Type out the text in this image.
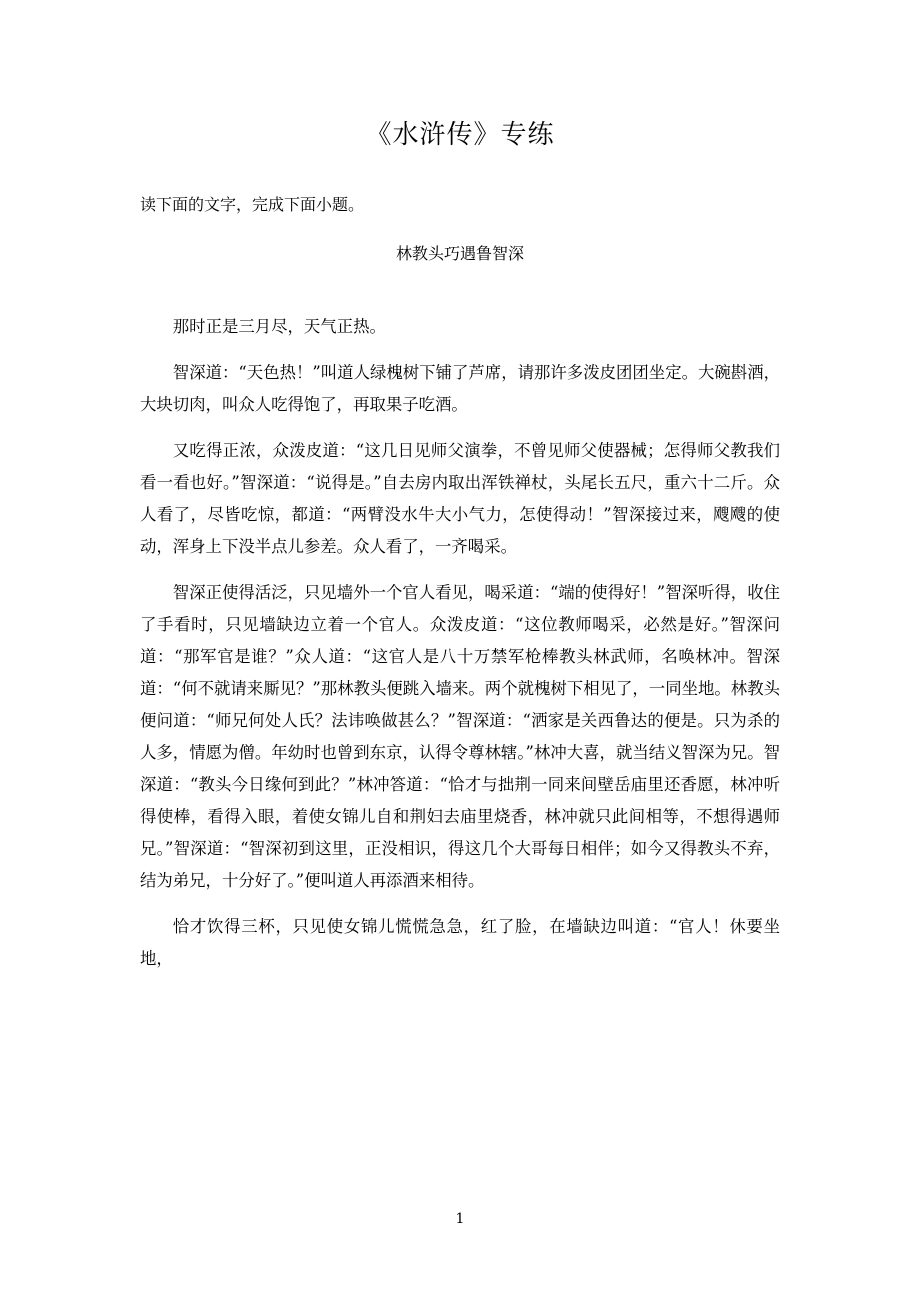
《水浒传》专练
读下面的文字，完成下面小题。
林教头巧遇鲁智深

那时正是三月尽，天气正热。

智深道：“天色热！”叫道人绿槐树下铺了芦席，请那许多泼皮团团坐定。大碗斟酒，大块切肉，叫众人吃得饱了，再取果子吃酒。

又吃得正浓，众泼皮道：“这几日见师父演拳，不曾见师父使器械；怎得师父教我们看一看也好。”智深道：“说得是。”自去房内取出浑铁禅杖，头尾长五尺，重六十二斤。众人看了，尽皆吃惊，都道：“两臂没水牛大小气力，怎使得动！”智深接过来，飕飕的使动，浑身上下没半点儿参差。众人看了，一齐喝采。

智深正使得活泛，只见墙外一个官人看见，喝采道：“端的使得好！”智深听得，收住了手看时，只见墙缺边立着一个官人。众泼皮道：“这位教师喝采，必然是好。”智深问道：“那军官是谁？”众人道：“这官人是八十万禁军枪棒教头林武师，名唤林冲。智深道：“何不就请来厮见？”那林教头便跳入墙来。两个就槐树下相见了，一同坐地。林教头便问道：“师兄何处人氏？法讳唤做甚么？”智深道：“洒家是关西鲁达的便是。只为杀的人多，情愿为僧。年幼时也曾到东京，认得令尊林辖。”林冲大喜，就当结义智深为兄。智深道：“教头今日缘何到此？”林冲答道：“恰才与拙荆一同来间壁岳庙里还香愿，林冲听得使棒，看得入眼，着使女锦儿自和荆妇去庙里烧香，林冲就只此间相等，不想得遇师兄。”智深道：“智深初到这里，正没相识，得这几个大哥每日相伴；如今又得教头不弃，结为弟兄，十分好了。”便叫道人再添酒来相待。

恰才饮得三杯，只见使女锦儿慌慌急急，红了脸，在墙缺边叫道：“官人！休要坐地，

1
